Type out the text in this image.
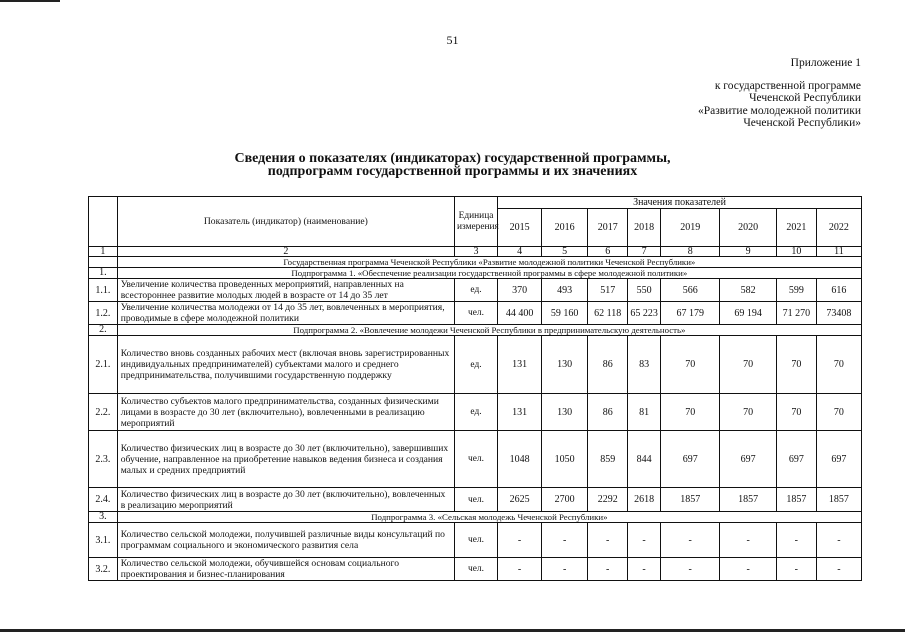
51
Приложение 1
к государственной программе
Чеченской Республики
«Развитие молодежной политики
Чеченской Республики»
Сведения о показателях (индикаторах) государственной программы,
подпрограмм государственной программы и их значениях
	Показатель (индикатор) (наименование)	Единица измерения	Значения показателей							
			2015	2016	2017	2018	2019	2020	2021	2022
1	2	3	4	5	6	7	8	9	10	11
	Государственная программа Чеченской Республики «Развитие молодежной политики Чеченской Республики»									
1.	Подпрограмма 1. «Обеспечение реализации государственной программы в сфере молодежной политики»									
1.1.	Увеличение количества проведенных мероприятий, направленных на всестороннее развитие молодых людей в возрасте от 14 до 35 лет	ед.	370	493	517	550	566	582	599	616
1.2.	Увеличение количества молодежи от 14 до 35 лет, вовлеченных в мероприятия, проводимые в сфере молодежной политики	чел.	44 400	59 160	62 118	65 223	67 179	69 194	71 270	73408
2.	Подпрограмма 2. «Вовлечение молодежи Чеченской Республики в предпринимательскую деятельность»									
2.1.	Количество вновь созданных рабочих мест (включая вновь зарегистрированных индивидуальных предпринимателей) субъектами малого и среднего предпринимательства, получившими государственную поддержку	ед.	131	130	86	83	70	70	70	70
2.2.	Количество субъектов малого предпринимательства, созданных физическими лицами в возрасте до 30 лет (включительно), вовлеченными в реализацию мероприятий	ед.	131	130	86	81	70	70	70	70
2.3.	Количество физических лиц в возрасте до 30 лет (включительно), завершивших обучение, направленное на приобретение навыков ведения бизнеса и создания малых и средних предприятий	чел.	1048	1050	859	844	697	697	697	697
2.4.	Количество физических лиц в возрасте до 30 лет (включительно), вовлеченных в реализацию мероприятий	чел.	2625	2700	2292	2618	1857	1857	1857	1857
3.	Подпрограмма 3. «Сельская молодежь Чеченской Республики»									
3.1.	Количество сельской молодежи, получившей различные виды консультаций по программам социального и экономического развития села	чел.	-	-	-	-	-	-	-	-
3.2.	Количество сельской молодежи, обучившейся основам социального проектирования и бизнес-планирования	чел.	-	-	-	-	-	-	-	-
